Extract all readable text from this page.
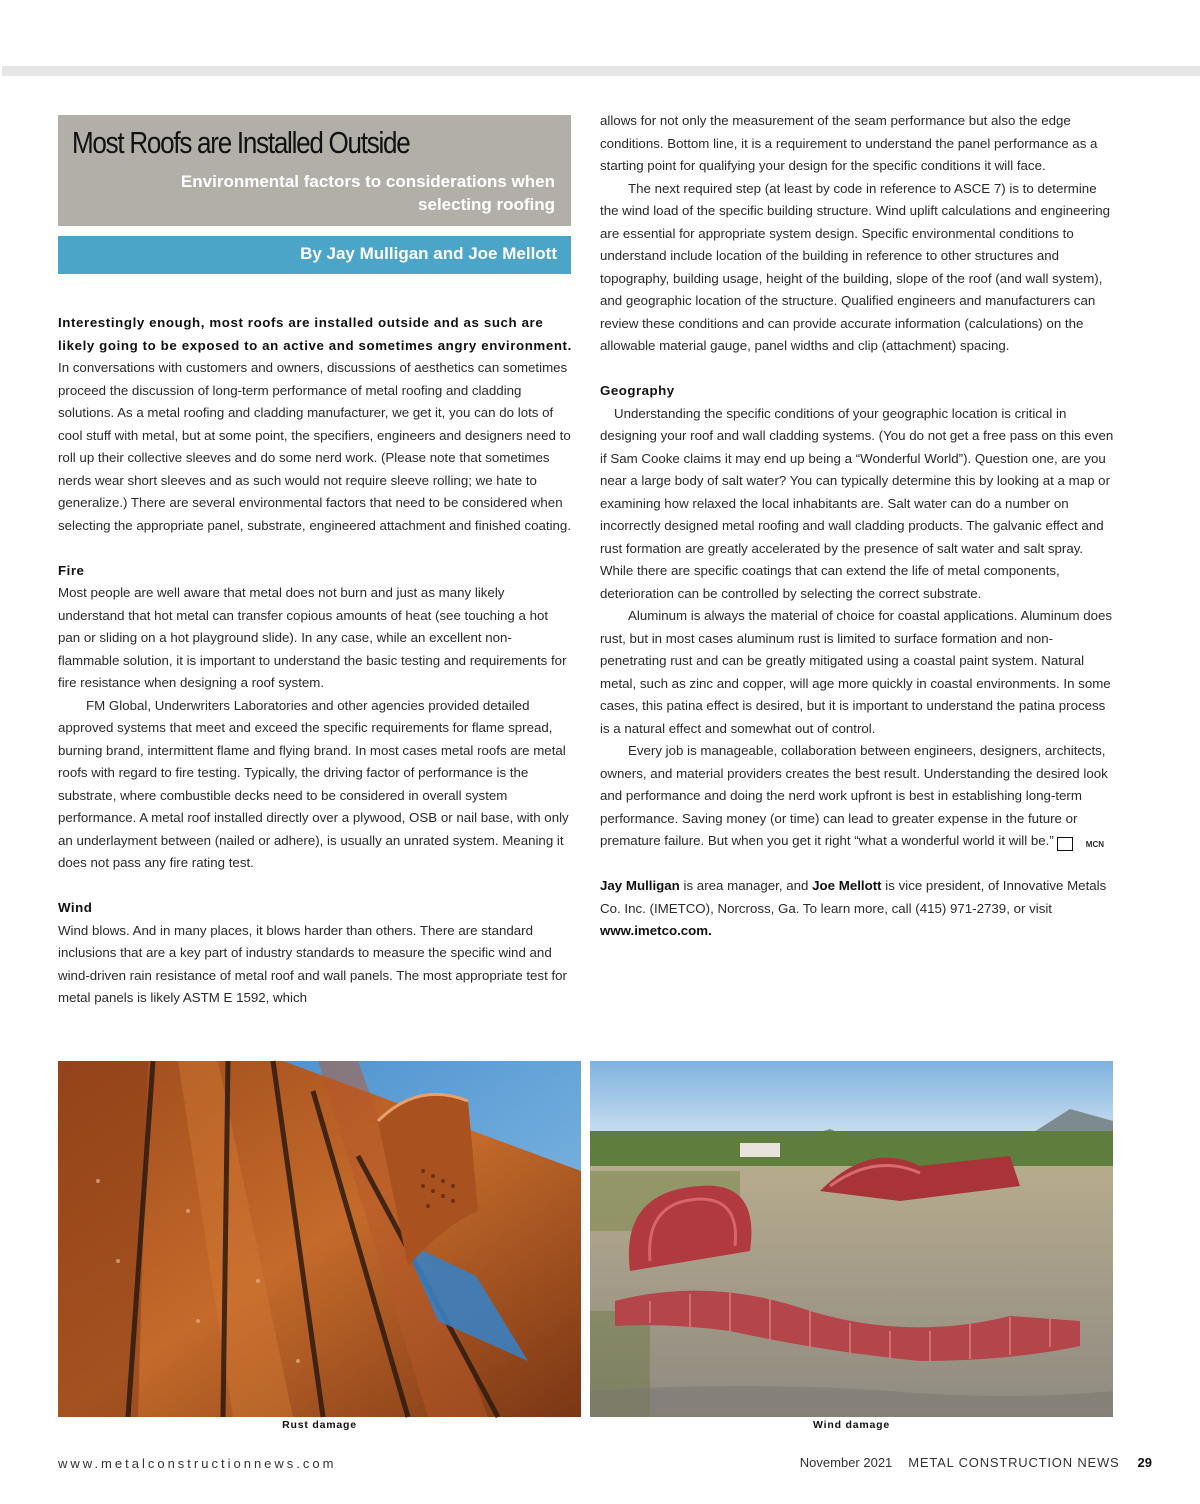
Most Roofs are Installed Outside

Environmental factors to considerations when selecting roofing

By Jay Mulligan and Joe Mellott

Interestingly enough, most roofs are installed outside and as such are likely going to be exposed to an active and sometimes angry environment. In conversations with customers and owners, discussions of aesthetics can sometimes proceed the discussion of long-term performance of metal roofing and cladding solutions. As a metal roofing and cladding manufacturer, we get it, you can do lots of cool stuff with metal, but at some point, the specifiers, engineers and designers need to roll up their collective sleeves and do some nerd work. (Please note that sometimes nerds wear short sleeves and as such would not require sleeve rolling; we hate to generalize.) There are several environmental factors that need to be considered when selecting the appropriate panel, substrate, engineered attachment and finished coating.

Fire

Most people are well aware that metal does not burn and just as many likely understand that hot metal can transfer copious amounts of heat (see touching a hot pan or sliding on a hot playground slide). In any case, while an excellent non-flammable solution, it is important to understand the basic testing and requirements for fire resistance when designing a roof system.

FM Global, Underwriters Laboratories and other agencies provided detailed approved systems that meet and exceed the specific requirements for flame spread, burning brand, intermittent flame and flying brand. In most cases metal roofs are metal roofs with regard to fire testing. Typically, the driving factor of performance is the substrate, where combustible decks need to be considered in overall system performance. A metal roof installed directly over a plywood, OSB or nail base, with only an underlayment between (nailed or adhere), is usually an unrated system. Meaning it does not pass any fire rating test.

Wind

Wind blows. And in many places, it blows harder than others. There are standard inclusions that are a key part of industry standards to measure the specific wind and wind-driven rain resistance of metal roof and wall panels. The most appropriate test for metal panels is likely ASTM E 1592, which

allows for not only the measurement of the seam performance but also the edge conditions. Bottom line, it is a requirement to understand the panel performance as a starting point for qualifying your design for the specific conditions it will face.

The next required step (at least by code in reference to ASCE 7) is to determine the wind load of the specific building structure. Wind uplift calculations and engineering are essential for appropriate system design. Specific environmental conditions to understand include location of the building in reference to other structures and topography, building usage, height of the building, slope of the roof (and wall system), and geographic location of the structure. Qualified engineers and manufacturers can review these conditions and can provide accurate information (calculations) on the allowable material gauge, panel widths and clip (attachment) spacing.

Geography

Understanding the specific conditions of your geographic location is critical in designing your roof and wall cladding systems. (You do not get a free pass on this even if Sam Cooke claims it may end up being a “Wonderful World”). Question one, are you near a large body of salt water? You can typically determine this by looking at a map or examining how relaxed the local inhabitants are. Salt water can do a number on incorrectly designed metal roofing and wall cladding products. The galvanic effect and rust formation are greatly accelerated by the presence of salt water and salt spray. While there are specific coatings that can extend the life of metal components, deterioration can be controlled by selecting the correct substrate.

Aluminum is always the material of choice for coastal applications. Aluminum does rust, but in most cases aluminum rust is limited to surface formation and non-penetrating rust and can be greatly mitigated using a coastal paint system. Natural metal, such as zinc and copper, will age more quickly in coastal environments. In some cases, this patina effect is desired, but it is important to understand the patina process is a natural effect and somewhat out of control.

Every job is manageable, collaboration between engineers, designers, architects, owners, and material providers creates the best result. Understanding the desired look and performance and doing the nerd work upfront is best in establishing long-term performance. Saving money (or time) can lead to greater expense in the future or premature failure. But when you get it right “what a wonderful world it will be.”	MCN

Jay Mulligan is area manager, and Joe Mellott is vice president, of Innovative Metals Co. Inc. (IMETCO), Norcross, Ga. To learn more, call (415) 971-2739, or visit www.imetco.com.

Rust damage	Wind damage
www.metalconstructionnews.com	November 2021 METAL CONSTRUCTION NEWS 29
